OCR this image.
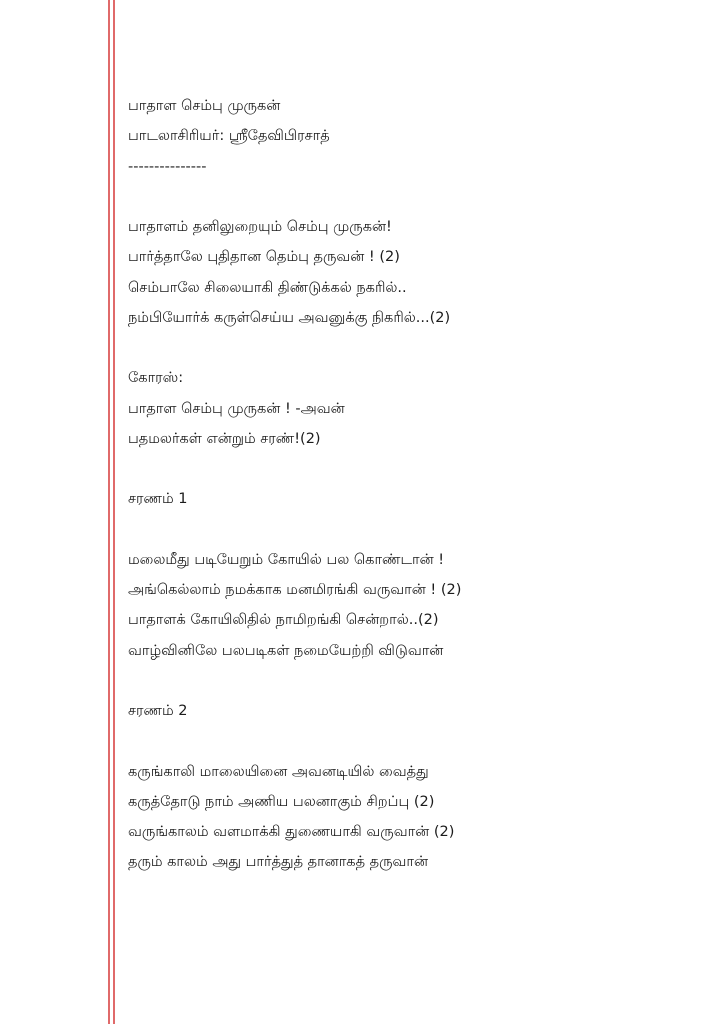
பாதாள செம்பு முருகன்
பாடலாசிரியர்: ஸ்ரீதேவிபிரசாத்
---------------
பாதாளம் தனிலுறையும் செம்பு முருகன்!
பார்த்தாலே புதிதான தெம்பு தருவன் ! (2)
செம்பாலே சிலையாகி திண்டுக்கல் நகரில்..
நம்பியோர்க் கருள்செய்ய அவனுக்கு நிகரில்...(2)
கோரஸ்:
பாதாள செம்பு முருகன் ! -அவன்
பதமலர்கள் என்றும் சரண்!(2)
சரணம் 1
மலைமீது படியேறும் கோயில் பல கொண்டான் !
அங்கெல்லாம் நமக்காக மனமிரங்கி வருவான் ! (2)
பாதாளக் கோயிலிதில் நாமிறங்கி சென்றால்..(2)
வாழ்வினிலே பலபடிகள் நமையேற்றி விடுவான்
சரணம் 2
கருங்காலி மாலையினை அவனடியில் வைத்து
கருத்தோடு நாம் அணிய பலனாகும் சிறப்பு (2)
வருங்காலம் வளமாக்கி துணையாகி வருவான் (2)
தரும் காலம் அது பார்த்துத் தானாகத் தருவான்
